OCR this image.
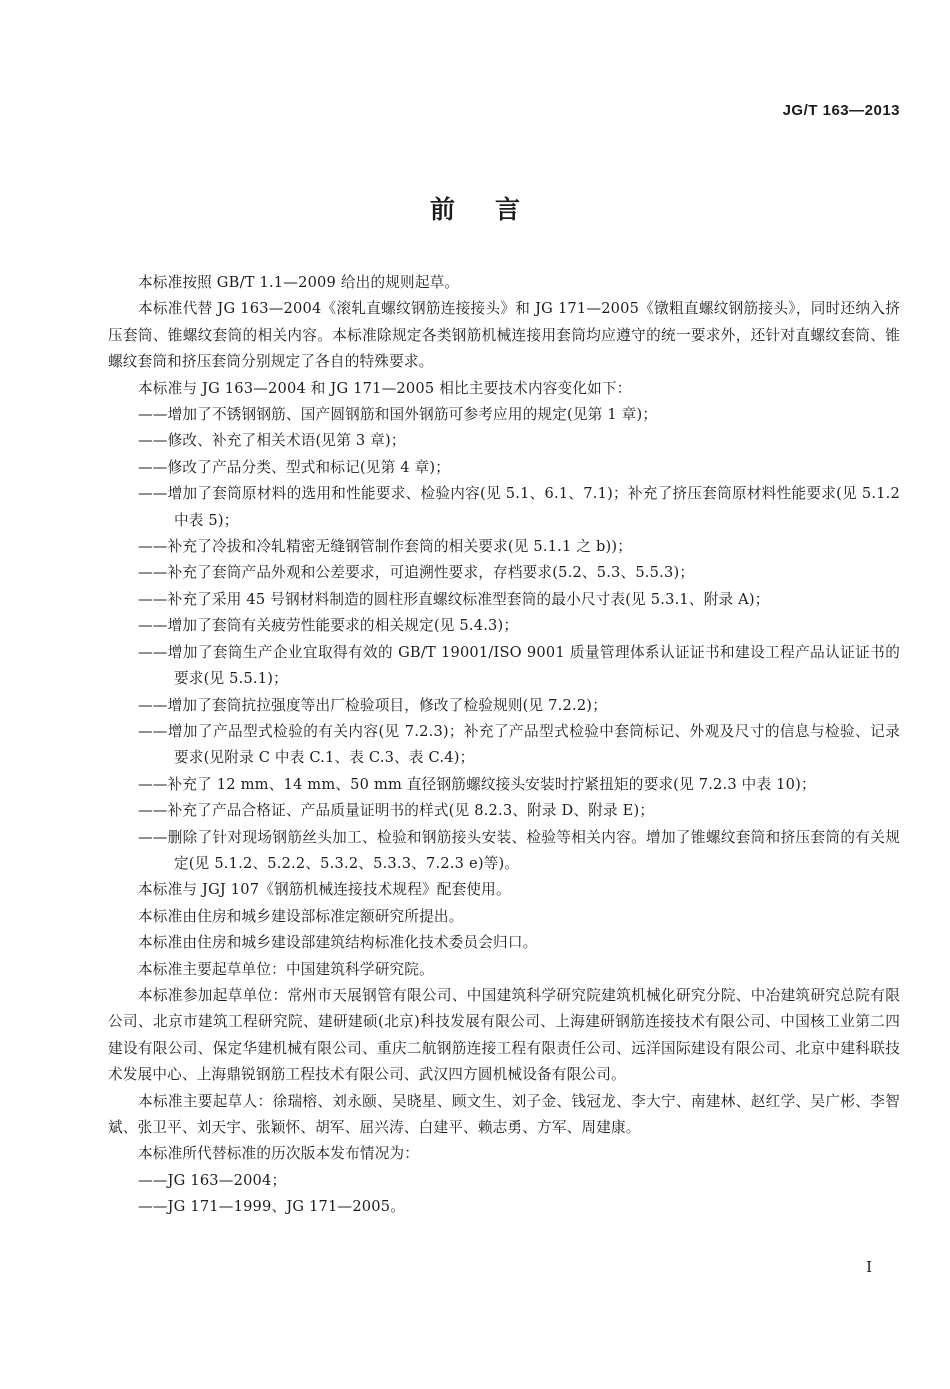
JG/T 163—2013
前言

本标准按照 GB/T 1.1—2009 给出的规则起草。

本标准代替 JG 163—2004《滚轧直螺纹钢筋连接接头》和 JG 171—2005《镦粗直螺纹钢筋接头》，同时还纳入挤压套筒、锥螺纹套筒的相关内容。本标准除规定各类钢筋机械连接用套筒均应遵守的统一要求外，还针对直螺纹套筒、锥螺纹套筒和挤压套筒分别规定了各自的特殊要求。

本标准与 JG 163—2004 和 JG 171—2005 相比主要技术内容变化如下：

——增加了不锈钢钢筋、国产圆钢筋和国外钢筋可参考应用的规定(见第 1 章)；

——修改、补充了相关术语(见第 3 章)；

——修改了产品分类、型式和标记(见第 4 章)；

——增加了套筒原材料的选用和性能要求、检验内容(见 5.1、6.1、7.1)；补充了挤压套筒原材料性能要求(见 5.1.2 中表 5)；

——补充了冷拔和冷轧精密无缝钢管制作套筒的相关要求(见 5.1.1 之 b))；

——补充了套筒产品外观和公差要求，可追溯性要求，存档要求(5.2、5.3、5.5.3)；

——补充了采用 45 号钢材料制造的圆柱形直螺纹标准型套筒的最小尺寸表(见 5.3.1、附录 A)；

——增加了套筒有关疲劳性能要求的相关规定(见 5.4.3)；

——增加了套筒生产企业宜取得有效的 GB/T 19001/ISO 9001 质量管理体系认证证书和建设工程产品认证证书的要求(见 5.5.1)；

——增加了套筒抗拉强度等出厂检验项目，修改了检验规则(见 7.2.2)；

——增加了产品型式检验的有关内容(见 7.2.3)；补充了产品型式检验中套筒标记、外观及尺寸的信息与检验、记录要求(见附录 C 中表 C.1、表 C.3、表 C.4)；

——补充了 12 mm、14 mm、50 mm 直径钢筋螺纹接头安装时拧紧扭矩的要求(见 7.2.3 中表 10)；

——补充了产品合格证、产品质量证明书的样式(见 8.2.3、附录 D、附录 E)；

——删除了针对现场钢筋丝头加工、检验和钢筋接头安装、检验等相关内容。增加了锥螺纹套筒和挤压套筒的有关规定(见 5.1.2、5.2.2、5.3.2、5.3.3、7.2.3 e)等)。

本标准与 JGJ 107《钢筋机械连接技术规程》配套使用。

本标准由住房和城乡建设部标准定额研究所提出。

本标准由住房和城乡建设部建筑结构标准化技术委员会归口。

本标准主要起草单位：中国建筑科学研究院。

本标准参加起草单位：常州市天展钢管有限公司、中国建筑科学研究院建筑机械化研究分院、中冶建筑研究总院有限公司、北京市建筑工程研究院、建研建硕(北京)科技发展有限公司、上海建研钢筋连接技术有限公司、中国核工业第二四建设有限公司、保定华建机械有限公司、重庆二航钢筋连接工程有限责任公司、远洋国际建设有限公司、北京中建科联技术发展中心、上海鼎锐钢筋工程技术有限公司、武汉四方圆机械设备有限公司。

本标准主要起草人：徐瑞榕、刘永颐、吴晓星、顾文生、刘子金、钱冠龙、李大宁、南建林、赵红学、吴广彬、李智斌、张卫平、刘天宇、张颖怀、胡军、屈兴涛、白建平、赖志勇、方军、周建康。

本标准所代替标准的历次版本发布情况为：

——JG 163—2004；

——JG 171—1999、JG 171—2005。

I
